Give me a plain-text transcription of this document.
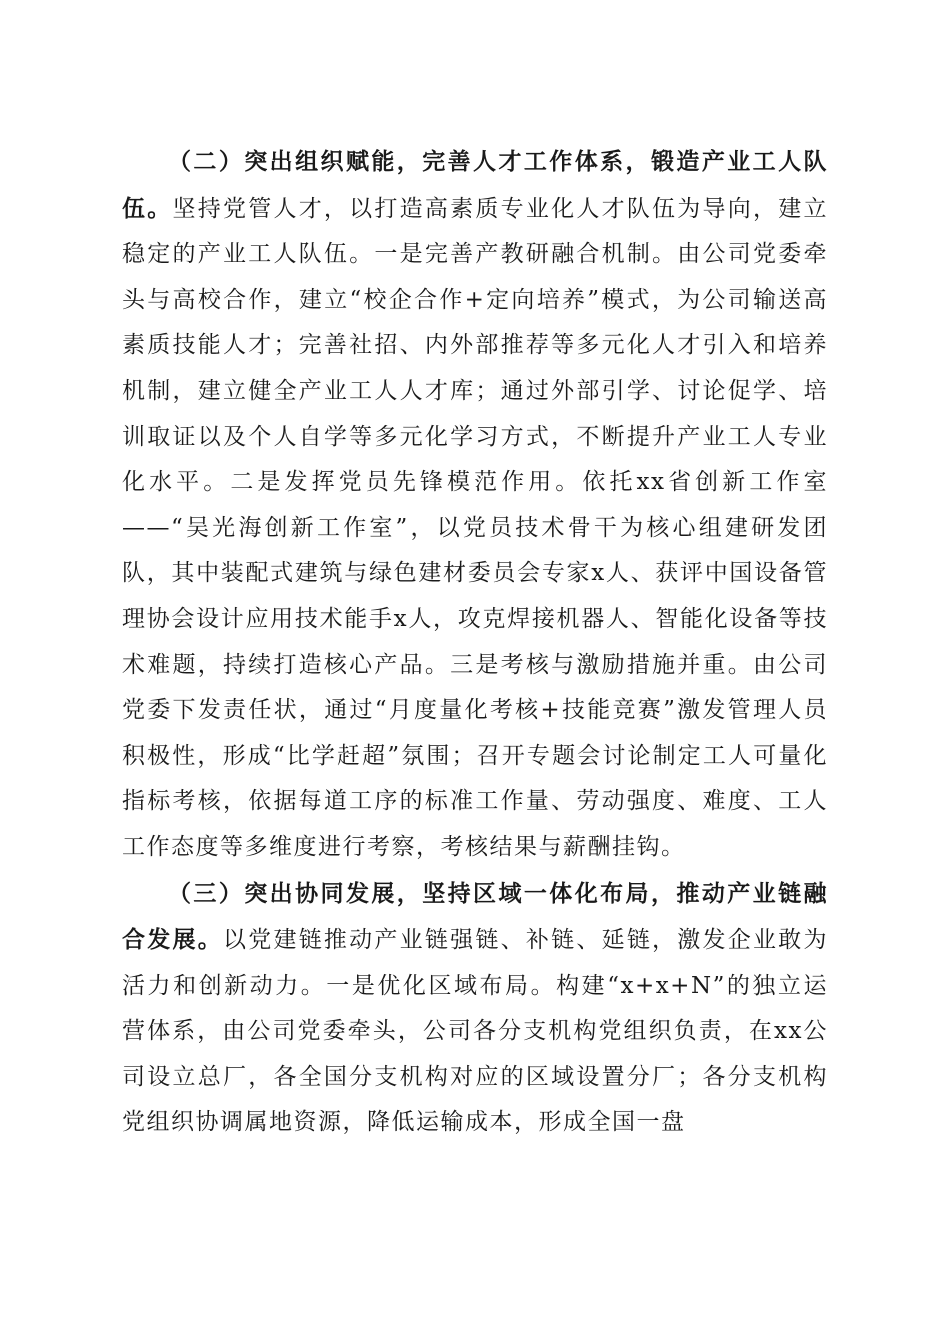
（二）突出组织赋能，完善人才工作体系，锻造产业工人队伍。坚持党管人才，以打造高素质专业化人才队伍为导向，建立稳定的产业工人队伍。一是完善产教研融合机制。由公司党委牵头与高校合作，建立“校企合作+定向培养”模式，为公司输送高素质技能人才；完善社招、内外部推荐等多元化人才引入和培养机制，建立健全产业工人人才库；通过外部引学、讨论促学、培训取证以及个人自学等多元化学习方式，不断提升产业工人专业化水平。二是发挥党员先锋模范作用。依托xx省创新工作室——“吴光海创新工作室”，以党员技术骨干为核心组建研发团队，其中装配式建筑与绿色建材委员会专家x人、获评中国设备管理协会设计应用技术能手x人，攻克焊接机器人、智能化设备等技术难题，持续打造核心产品。三是考核与激励措施并重。由公司党委下发责任状，通过“月度量化考核+技能竞赛”激发管理人员积极性，形成“比学赶超”氛围；召开专题会讨论制定工人可量化指标考核，依据每道工序的标准工作量、劳动强度、难度、工人工作态度等多维度进行考察，考核结果与薪酬挂钩。

（三）突出协同发展，坚持区域一体化布局，推动产业链融合发展。以党建链推动产业链强链、补链、延链，激发企业敢为活力和创新动力。一是优化区域布局。构建“x+x+N”的独立运营体系，由公司党委牵头，公司各分支机构党组织负责，在xx公司设立总厂，各全国分支机构对应的区域设置分厂；各分支机构党组织协调属地资源，降低运输成本，形成全国一盘
